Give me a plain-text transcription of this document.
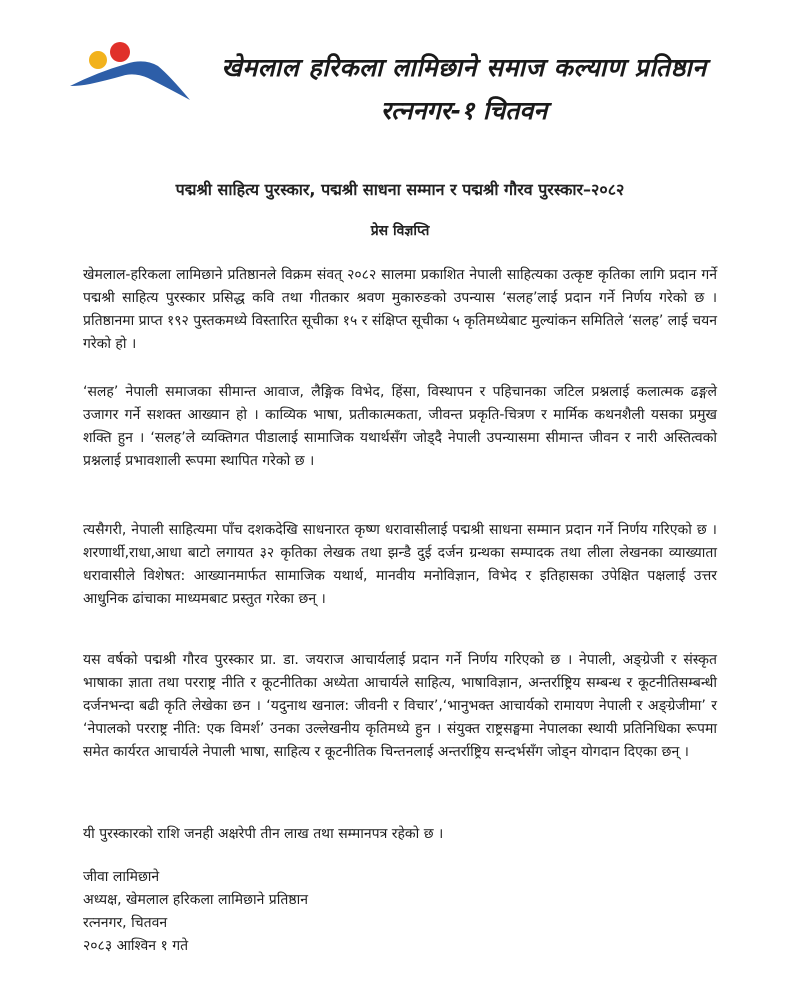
खेमलाल हरिकला लामिछाने समाज कल्याण प्रतिष्ठान
रत्ननगर-१ चितवन
पद्मश्री साहित्य पुरस्कार, पद्मश्री साधना सम्मान र पद्मश्री गौरव पुरस्कार–२०८२
प्रेस विज्ञप्ति
खेमलाल-हरिकला लामिछाने प्रतिष्ठानले विक्रम संवत् २०८२ सालमा प्रकाशित नेपाली साहित्यका उत्कृष्ट कृतिका लागि प्रदान गर्ने पद्मश्री साहित्य पुरस्कार प्रसिद्ध कवि तथा गीतकार श्रवण मुकारुङको उपन्यास ‘सलह’लाई प्रदान गर्ने निर्णय गरेको छ । प्रतिष्ठानमा प्राप्त १९२ पुस्तकमध्ये विस्तारित सूचीका १५ र संक्षिप्त सूचीका ५ कृतिमध्येबाट मुल्यांकन समितिले ‘सलह’ लाई चयन गरेको हो ।
‘सलह’ नेपाली समाजका सीमान्त आवाज, लैङ्गिक विभेद, हिंसा, विस्थापन र पहिचानका जटिल प्रश्नलाई कलात्मक ढङ्गले उजागर गर्ने सशक्त आख्यान हो । काव्यिक भाषा, प्रतीकात्मकता, जीवन्त प्रकृति-चित्रण र मार्मिक कथनशैली यसका प्रमुख शक्ति हुन । ‘सलह’ले व्यक्तिगत पीडालाई सामाजिक यथार्थसँग जोड्दै नेपाली उपन्यासमा सीमान्त जीवन र नारी अस्तित्वको प्रश्नलाई प्रभावशाली रूपमा स्थापित गरेको छ ।
त्यसैगरी, नेपाली साहित्यमा पाँच दशकदेखि साधनारत कृष्ण धरावासीलाई पद्मश्री साधना सम्मान प्रदान गर्ने निर्णय गरिएको छ । शरणार्थी,राधा,आधा बाटो लगायत ३२ कृतिका लेखक तथा झन्डै दुई दर्जन ग्रन्थका सम्पादक तथा लीला लेखनका व्याख्याता धरावासीले विशेषत: आख्यानमार्फत सामाजिक यथार्थ, मानवीय मनोविज्ञान, विभेद र इतिहासका उपेक्षित पक्षलाई उत्तर आधुनिक ढांचाका माध्यमबाट प्रस्तुत गरेका छन् ।
यस वर्षको पद्मश्री गौरव पुरस्कार प्रा. डा. जयराज आचार्यलाई प्रदान गर्ने निर्णय गरिएको छ । नेपाली, अङ्ग्रेजी र संस्कृत भाषाका ज्ञाता तथा परराष्ट्र नीति र कूटनीतिका अध्येता आचार्यले साहित्य, भाषाविज्ञान, अन्तर्राष्ट्रिय सम्बन्ध र कूटनीतिसम्बन्धी दर्जनभन्दा बढी कृति लेखेका छन । ‘यदुनाथ खनाल: जीवनी र विचार’,‘भानुभक्त आचार्यको रामायण नेपाली र अङ्ग्रेजीमा’ र ‘नेपालको परराष्ट्र नीति: एक विमर्श’ उनका उल्लेखनीय कृतिमध्ये हुन । संयुक्त राष्ट्रसङ्घमा नेपालका स्थायी प्रतिनिधिका रूपमा समेत कार्यरत आचार्यले नेपाली भाषा, साहित्य र कूटनीतिक चिन्तनलाई अन्तर्राष्ट्रिय सन्दर्भसँग जोड्न योगदान दिएका छन् ।
यी पुरस्कारको राशि जनही अक्षरेपी तीन लाख तथा सम्मानपत्र रहेको छ ।
जीवा लामिछाने
अध्यक्ष, खेमलाल हरिकला लामिछाने प्रतिष्ठान
रत्ननगर, चितवन
२०८३ आश्विन १ गते
